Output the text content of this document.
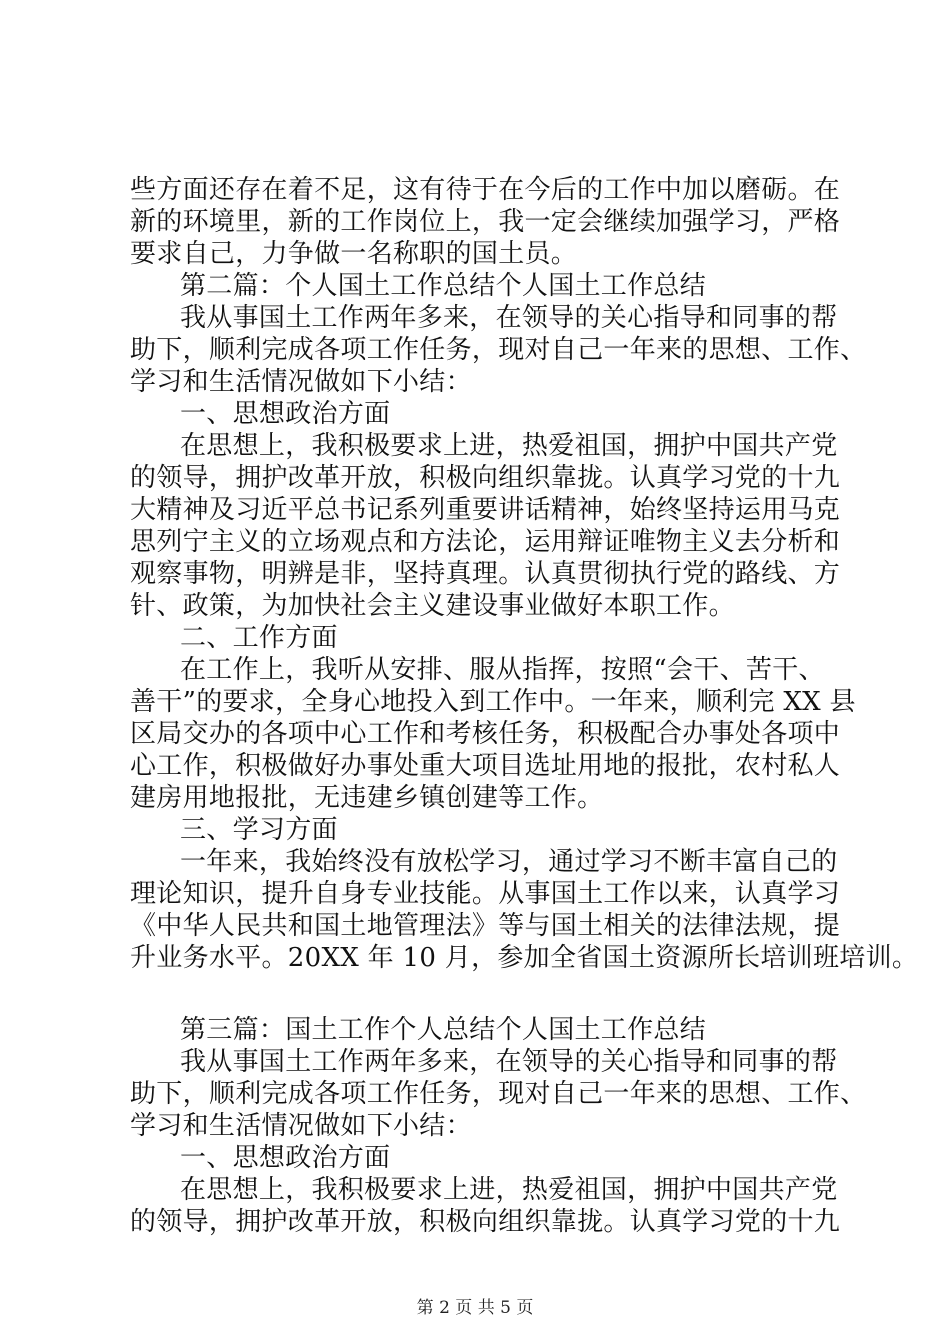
些方面还存在着不足，这有待于在今后的工作中加以磨砺。在
新的环境里，新的工作岗位上，我一定会继续加强学习，严格
要求自己，力争做一名称职的国土员。
第二篇：个人国土工作总结个人国土工作总结
我从事国土工作两年多来，在领导的关心指导和同事的帮
助下，顺利完成各项工作任务，现对自己一年来的思想、工作、
学习和生活情况做如下小结：
一、思想政治方面
在思想上，我积极要求上进，热爱祖国，拥护中国共产党
的领导，拥护改革开放，积极向组织靠拢。认真学习党的十九
大精神及习近平总书记系列重要讲话精神，始终坚持运用马克
思列宁主义的立场观点和方法论，运用辩证唯物主义去分析和
观察事物，明辨是非，坚持真理。认真贯彻执行党的路线、方
针、政策，为加快社会主义建设事业做好本职工作。
二、工作方面
在工作上，我听从安排、服从指挥，按照“会干、苦干、
善干”的要求，全身心地投入到工作中。一年来，顺利完 XX 县
区局交办的各项中心工作和考核任务，积极配合办事处各项中
心工作，积极做好办事处重大项目选址用地的报批，农村私人
建房用地报批，无违建乡镇创建等工作。
三、学习方面
一年来，我始终没有放松学习，通过学习不断丰富自己的
理论知识，提升自身专业技能。从事国土工作以来，认真学习
《中华人民共和国土地管理法》等与国土相关的法律法规，提
升业务水平。20XX 年 10 月，参加全省国土资源所长培训班培训。
第三篇：国土工作个人总结个人国土工作总结
我从事国土工作两年多来，在领导的关心指导和同事的帮
助下，顺利完成各项工作任务，现对自己一年来的思想、工作、
学习和生活情况做如下小结：
一、思想政治方面
在思想上，我积极要求上进，热爱祖国，拥护中国共产党
的领导，拥护改革开放，积极向组织靠拢。认真学习党的十九
第 2 页 共 5 页
